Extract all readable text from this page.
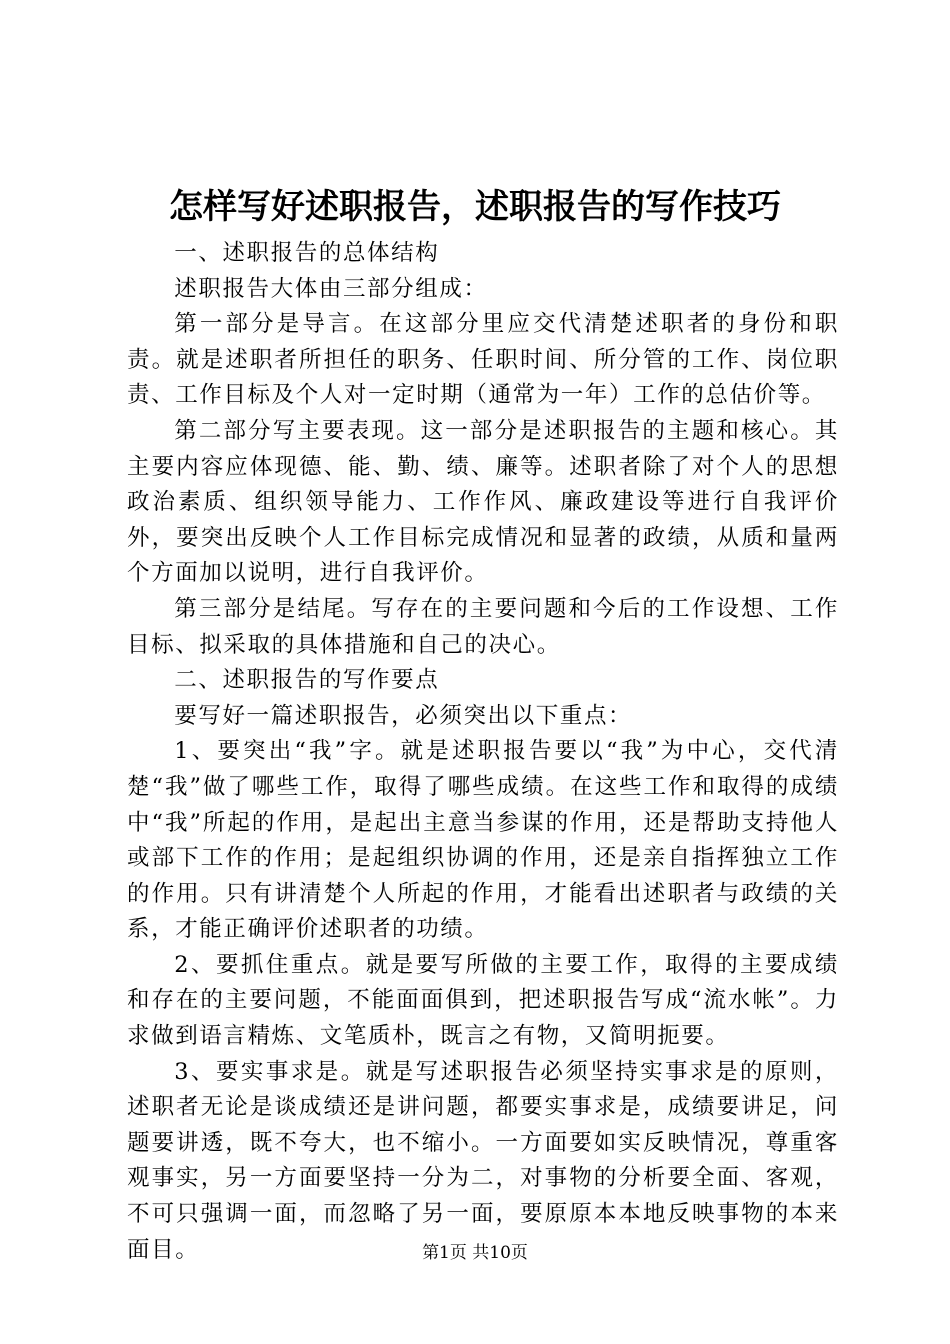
怎样写好述职报告，述职报告的写作技巧

一、述职报告的总体结构

述职报告大体由三部分组成：

第一部分是导言。在这部分里应交代清楚述职者的身份和职责。就是述职者所担任的职务、任职时间、所分管的工作、岗位职责、工作目标及个人对一定时期（通常为一年）工作的总估价等。

第二部分写主要表现。这一部分是述职报告的主题和核心。其主要内容应体现德、能、勤、绩、廉等。述职者除了对个人的思想政治素质、组织领导能力、工作作风、廉政建设等进行自我评价外，要突出反映个人工作目标完成情况和显著的政绩，从质和量两个方面加以说明，进行自我评价。

第三部分是结尾。写存在的主要问题和今后的工作设想、工作目标、拟采取的具体措施和自己的决心。

二、述职报告的写作要点

要写好一篇述职报告，必须突出以下重点：

1、要突出“我”字。就是述职报告要以“我”为中心，交代清楚“我”做了哪些工作，取得了哪些成绩。在这些工作和取得的成绩中“我”所起的作用，是起出主意当参谋的作用，还是帮助支持他人或部下工作的作用；是起组织协调的作用，还是亲自指挥独立工作的作用。只有讲清楚个人所起的作用，才能看出述职者与政绩的关系，才能正确评价述职者的功绩。

2、要抓住重点。就是要写所做的主要工作，取得的主要成绩和存在的主要问题，不能面面俱到，把述职报告写成“流水帐”。力求做到语言精炼、文笔质朴，既言之有物，又简明扼要。

3、要实事求是。就是写述职报告必须坚持实事求是的原则，述职者无论是谈成绩还是讲问题，都要实事求是，成绩要讲足，问题要讲透，既不夸大，也不缩小。一方面要如实反映情况，尊重客观事实，另一方面要坚持一分为二，对事物的分析要全面、客观，不可只强调一面，而忽略了另一面，要原原本本地反映事物的本来面目。	第1页 共10页
